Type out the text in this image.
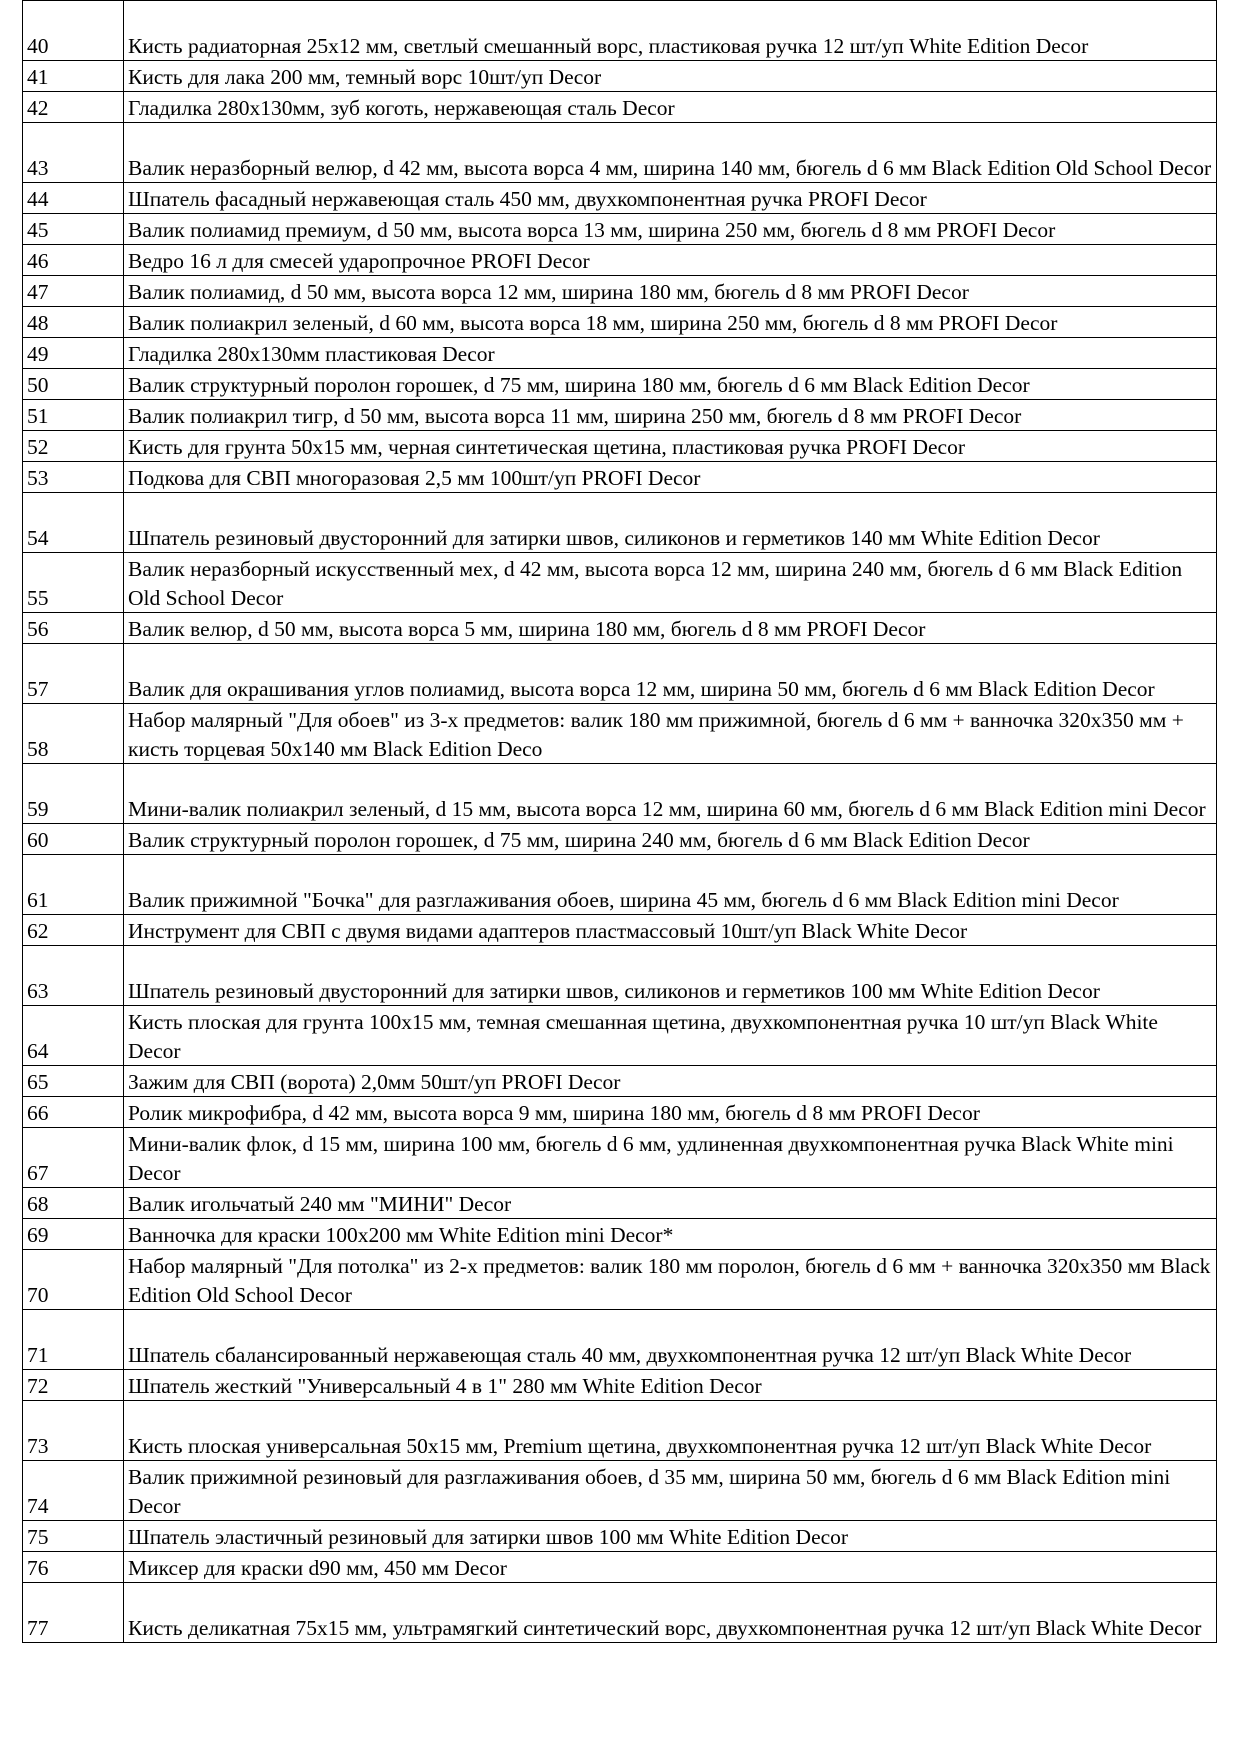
40	Кисть радиаторная 25х12 мм, светлый смешанный ворс, пластиковая ручка 12 шт/уп White Edition Decor
41	Кисть для лака 200 мм, темный ворс 10шт/уп Decor
42	Гладилка 280х130мм, зуб коготь, нержавеющая сталь Decor
43	Валик неразборный велюр, d 42 мм, высота ворса 4 мм, ширина 140 мм, бюгель d 6 мм Black Edition Old School Decor
44	Шпатель фасадный нержавеющая сталь 450 мм, двухкомпонентная ручка PROFI Decor
45	Валик полиамид премиум, d 50 мм, высота ворса 13 мм, ширина 250 мм, бюгель d 8 мм PROFI Decor
46	Ведро 16 л для смесей ударопрочное PROFI Decor
47	Валик полиамид, d 50 мм, высота ворса 12 мм, ширина 180 мм, бюгель d 8 мм PROFI Decor
48	Валик полиакрил зеленый, d 60 мм, высота ворса 18 мм, ширина 250 мм, бюгель d 8 мм PROFI Decor
49	Гладилка 280х130мм пластиковая Decor
50	Валик структурный поролон горошек, d 75 мм, ширина 180 мм, бюгель d 6 мм Black Edition Decor
51	Валик полиакрил тигр, d 50 мм, высота ворса 11 мм, ширина 250 мм, бюгель d 8 мм PROFI Decor
52	Кисть для грунта 50х15 мм, черная синтетическая щетина, пластиковая ручка PROFI Decor
53	Подкова для СВП многоразовая 2,5 мм 100шт/уп PROFI Decor
54	Шпатель резиновый двусторонний для затирки швов, силиконов и герметиков 140 мм White Edition Decor
55	Валик неразборный искусственный мех, d 42 мм, высота ворса 12 мм, ширина 240 мм, бюгель d 6 мм Black Edition Old School Decor
56	Валик велюр, d 50 мм, высота ворса 5 мм, ширина 180 мм, бюгель d 8 мм PROFI Decor
57	Валик для окрашивания углов полиамид, высота ворса 12 мм, ширина 50 мм, бюгель d 6 мм Black Edition Decor
58	Набор малярный "Для обоев" из 3-х предметов: валик 180 мм прижимной, бюгель d 6 мм + ванночка 320х350 мм + кисть торцевая 50х140 мм Black Edition Deco
59	Мини-валик полиакрил зеленый, d 15 мм, высота ворса 12 мм, ширина 60 мм, бюгель d 6 мм Black Edition mini Decor
60	Валик структурный поролон горошек, d 75 мм, ширина 240 мм, бюгель d 6 мм Black Edition Decor
61	Валик прижимной "Бочка" для разглаживания обоев, ширина 45 мм, бюгель d 6 мм Black Edition mini Decor
62	Инструмент для СВП с двумя видами адаптеров пластмассовый 10шт/уп Black White Decor
63	Шпатель резиновый двусторонний для затирки швов, силиконов и герметиков 100 мм White Edition Decor
64	Кисть плоская для грунта 100х15 мм, темная смешанная щетина, двухкомпонентная ручка 10 шт/уп Black White Decor
65	Зажим для СВП (ворота) 2,0мм 50шт/уп PROFI Decor
66	Ролик микрофибра, d 42 мм, высота ворса 9 мм, ширина 180 мм, бюгель d 8 мм PROFI Decor
67	Мини-валик флок, d 15 мм, ширина 100 мм, бюгель d 6 мм, удлиненная двухкомпонентная ручка Black White mini Decor
68	Валик игольчатый 240 мм "МИНИ" Decor
69	Ванночка для краски 100х200 мм White Edition mini Decor*
70	Набор малярный "Для потолка" из 2-х предметов: валик 180 мм поролон, бюгель d 6 мм + ванночка 320х350 мм Black Edition Old School Decor
71	Шпатель сбалансированный нержавеющая сталь 40 мм, двухкомпонентная ручка 12 шт/уп Black White Decor
72	Шпатель жесткий "Универсальный 4 в 1" 280 мм White Edition Decor
73	Кисть плоская универсальная 50х15 мм, Premium щетина, двухкомпонентная ручка 12 шт/уп Black White Decor
74	Валик прижимной резиновый для разглаживания обоев, d 35 мм, ширина 50 мм, бюгель d 6 мм Black Edition mini Decor
75	Шпатель эластичный резиновый для затирки швов 100 мм White Edition Decor
76	Миксер для краски d90 мм, 450 мм Decor
77	Кисть деликатная 75х15 мм, ультрамягкий синтетический ворс, двухкомпонентная ручка 12 шт/уп Black White Decor
